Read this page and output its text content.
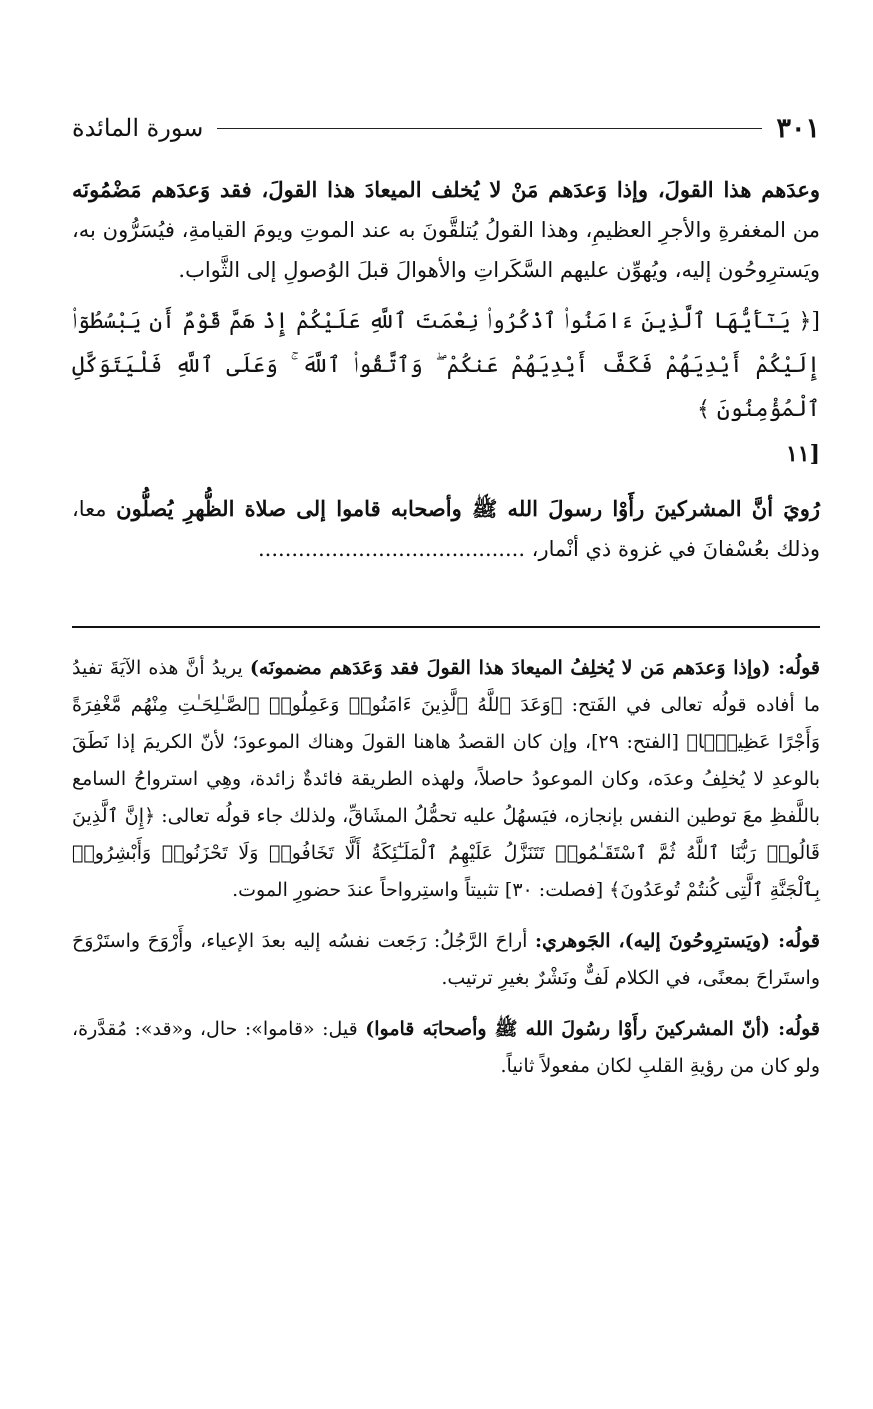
سورة المائدة	٣٠١

وعدَهم هذا القولَ، وإذا وَعدَهم مَنْ لا يُخلف الميعادَ هذا القولَ، فقد وَعدَهم مَضْمُونَه من المغفرةِ والأجرِ العظيمِ، وهذا القولُ يُتلقَّونَ به عند الموتِ ويومَ القيامةِ، فيُسَرُّون به، ويَسترِوحُون إليه، ويُهوِّن عليهم السَّكَراتِ والأهوالَ قبلَ الوُصولِ إلى الثَّواب.

[﴿ يَـٰٓأَيُّهَا ٱلَّذِينَ ءَامَنُوا۟ ٱذْكُرُوا۟ نِعْمَتَ ٱللَّهِ عَلَيْكُمْ إِذْ هَمَّ قَوْمٌ أَن يَبْسُطُوٓا۟ إِلَيْكُمْ أَيْدِيَهُمْ فَكَفَّ أَيْدِيَهُمْ عَنكُمْ ۖ وَٱتَّقُوا۟ ٱللَّهَ ۚ وَعَلَى ٱللَّهِ فَلْيَتَوَكَّلِ ٱلْمُؤْمِنُونَ ﴾
[١١

رُويَ أنَّ المشركينَ رأَوْا رسولَ الله ﷺ وأصحابه قاموا إلى صلاة الظُّهرِ يُصلُّون معا، وذلك بعُسْفانَ في غزوة ذي أنْمار، ........................................

قولُه: (وإذا وَعدَهم مَن لا يُخلِفُ الميعادَ هذا القولَ فقد وَعَدَهم مضمونَه) يريدُ أنَّ هذه الآيَةَ تفيدُ ما أفاده قولُه تعالى في الفَتح: ﴿وَعَدَ ٱللَّهُ ٱلَّذِينَ ءَامَنُوا۟ وَعَمِلُوا۟ ٱلصَّـٰلِحَـٰتِ مِنْهُم مَّغْفِرَةً وَأَجْرًا عَظِيمًۢا﴾ [الفتح: ٢٩]، وإن كان القصدُ هاهنا القولَ وهناك الموعودَ؛ لأنّ الكريمَ إذا نَطَقَ بالوعدِ لا يُخلِفُ وعدَه، وكان الموعودُ حاصلاً، ولهذه الطريقة فائدةٌ زائدة، وهِي استرواحُ السامع باللَّفظِ معَ توطين النفس بإنجازه، فيَسهُلُ عليه تحمُّلُ المشَاقِّ، ولذلك جاء قولُه تعالى: ﴿إِنَّ ٱلَّذِينَ قَالُوا۟ رَبُّنَا ٱللَّهُ ثُمَّ ٱسْتَقَـٰمُوا۟ تَتَنَزَّلُ عَلَيْهِمُ ٱلْمَلَـٰٓئِكَةُ أَلَّا تَخَافُوا۟ وَلَا تَحْزَنُوا۟ وَأَبْشِرُوا۟ بِٱلْجَنَّةِ ٱلَّتِى كُنتُمْ تُوعَدُونَ﴾ [فصلت: ٣٠] تثبيتاً واستِرواحاً عندَ حضورِ الموت.

قولُه: (ويَسترِوحُونَ إليه)، الجَوهري: أراحَ الرَّجُلُ: رَجَعت نفسُه إليه بعدَ الإعياء، وأَرْوَحَ واستَرْوَحَ واستَراحَ بمعنًى، في الكلام لَفٌّ ونَشْرٌ بغيرِ ترتيب.

قولُه: (أنّ المشركينَ رأَوْا رسُولَ الله ﷺ وأصحابَه قاموا) قيل: «قاموا»: حال، و«قد»: مُقدَّرة، ولو كان من رؤيةِ القلبِ لكان مفعولاً ثانياً.
